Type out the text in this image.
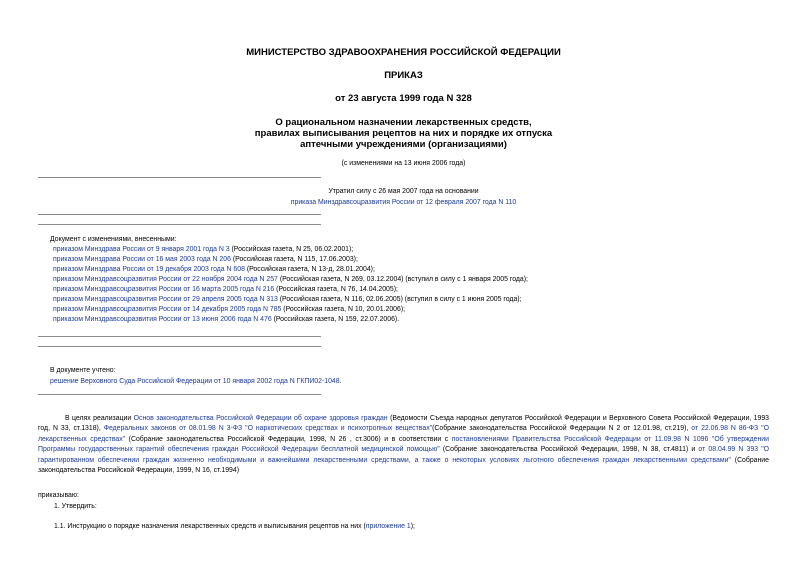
МИНИСТЕРСТВО ЗДРАВООХРАНЕНИЯ РОССИЙСКОЙ ФЕДЕРАЦИИ
ПРИКАЗ
от 23 августа 1999 года N 328
О рациональном назначении лекарственных средств,
правилах выписывания рецептов на них и порядке их отпуска
аптечными учреждениями (организациями)
(с изменениями на 13 июня 2006 года)
Утратил силу с 26 мая 2007 года на основании
приказа Минздравсоцразвития России от 12 февраля 2007 года N 110
Документ с изменениями, внесенными:
приказом Минздрава России от 9 января 2001 года N 3 (Российская газета, N 25, 06.02.2001);
приказом Минздрава России от 16 мая 2003 года N 206 (Российская газета, N 115, 17.06.2003);
приказом Минздрава России от 19 декабря 2003 года N 608 (Российская газета, N 13-д, 28.01.2004);
приказом Минздравсоцразвития России от 22 ноября 2004 года N 257 (Российская газета, N 269, 03.12.2004) (вступил в силу с 1 января 2005 года);
приказом Минздравсоцразвития России от 16 марта 2005 года N 216 (Российская газета, N 76, 14.04.2005);
приказом Минздравсоцразвития России от 29 апреля 2005 года N 313 (Российская газета, N 116, 02.06.2005) (вступил в силу с 1 июня 2005 года);
приказом Минздравсоцразвития России от 14 декабря 2005 года N 785 (Российская газета, N 10, 20.01.2006);
приказом Минздравсоцразвития России от 13 июня 2006 года N 476 (Российская газета, N 159, 22.07.2006).
В документе учтено:
решение Верховного Суда Российской Федерации от 10 января 2002 года N ГКПИ02-1048.
В целях реализации Основ законодательства Российской Федерации об охране здоровья граждан (Ведомости Съезда народных депутатов Российской Федерации и Верховного Совета Российской Федерации, 1993 год, N 33, ст.1318), Федеральных законов от 08.01.98 N 3-ФЗ "О наркотических средствах и психотропных веществах"(Собрание законодательства Российской Федерации N 2 от 12.01.98, ст.219), от 22.06.98 N 86-ФЗ "О лекарственных средствах" (Собрание законодательства Российской Федерации, 1998, N 26 , ст.3006) и в соответствии с постановлениями Правительства Российской Федерации от 11.09.98 N 1096 "Об утверждении Программы государственных гарантий обеспечения граждан Российской Федерации бесплатной медицинской помощью" (Собрание законодательства Российской Федерации, 1998, N 38, ст.4811) и от 08.04.99 N 393 "О гарантированном обеспечении граждан жизненно необходимыми и важнейшими лекарственными средствами, а также о некоторых условиях льготного обеспечения граждан лекарственными средствами" (Собрание законодательства Российской Федерации, 1999, N 16, ст.1994)
приказываю:
1. Утвердить:
1.1. Инструкцию о порядке назначения лекарственных средств и выписывания рецептов на них (приложение 1);
